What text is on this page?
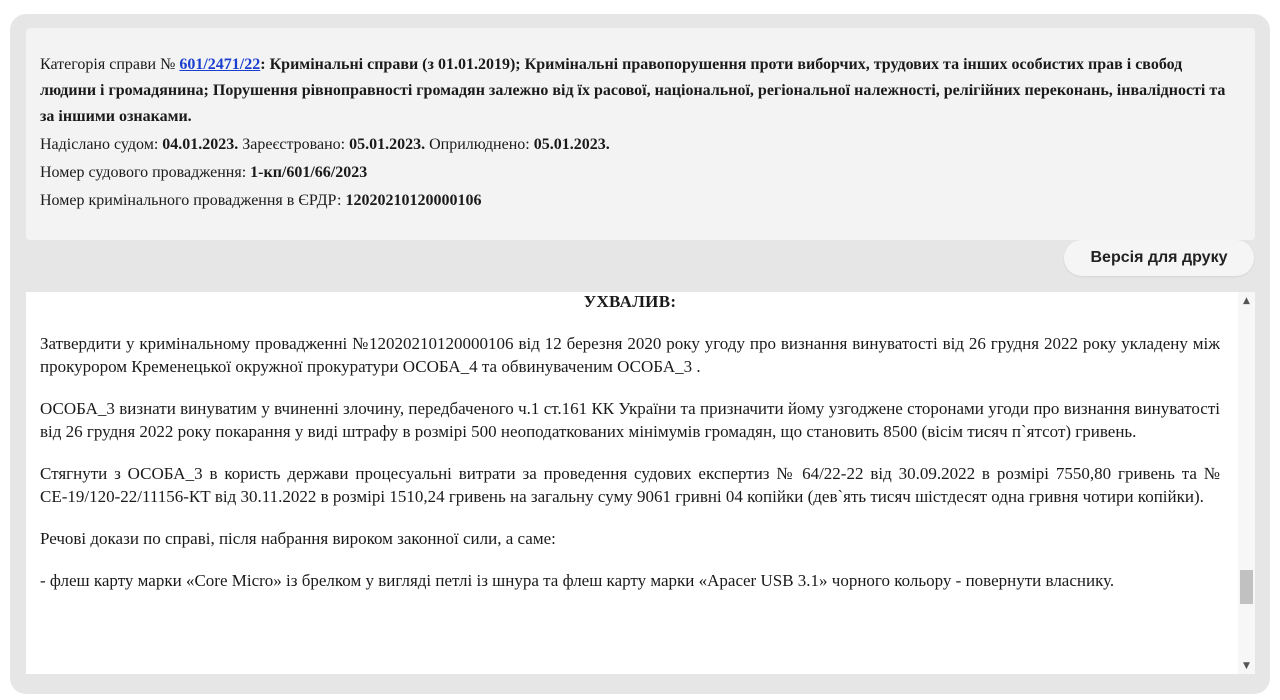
Категорія справи № 601/2471/22: Кримінальні справи (з 01.01.2019); Кримінальні правопорушення проти виборчих, трудових та інших особистих прав і свобод людини і громадянина; Порушення рівноправності громадян залежно від їх расової, національної, регіональної належності, релігійних переконань, інвалідності та за іншими ознаками.

Надіслано судом: 04.01.2023. Зареєстровано: 05.01.2023. Оприлюднено: 05.01.2023.

Номер судового провадження: 1-кп/601/66/2023

Номер кримінального провадження в ЄРДР: 12020210120000106

Версія для друку

УХВАЛИВ:

Затвердити у кримінальному провадженні №12020210120000106 від 12 березня 2020 року угоду про визнання винуватості від 26 грудня 2022 року укладену між прокурором Кременецької окружної прокуратури ОСОБА_4 та обвинуваченим ОСОБА_3 .

ОСОБА_3 визнати винуватим у вчиненні злочину, передбаченого ч.1 ст.161 КК України та призначити йому узгоджене сторонами угоди про визнання винуватості від 26 грудня 2022 року покарання у виді штрафу в розмірі 500 неоподаткованих мінімумів громадян, що становить 8500 (вісім тисяч п`ятсот) гривень.

Стягнути з ОСОБА_3 в користь держави процесуальні витрати за проведення судових експертиз № 64/22-22 від 30.09.2022 в розмірі 7550,80 гривень та № СЕ-19/120-22/11156-КТ від 30.11.2022 в розмірі 1510,24 гривень на загальну суму 9061 гривні 04 копійки (дев`ять тисяч шістдесят одна гривня чотири копійки).

Речові докази по справі, після набрання вироком законної сили, а саме:

- флеш карту марки «Core Micro» із брелком у вигляді петлі із шнура та флеш карту марки «Apacer USB 3.1» чорного кольору - повернути власнику.

▲
▼
